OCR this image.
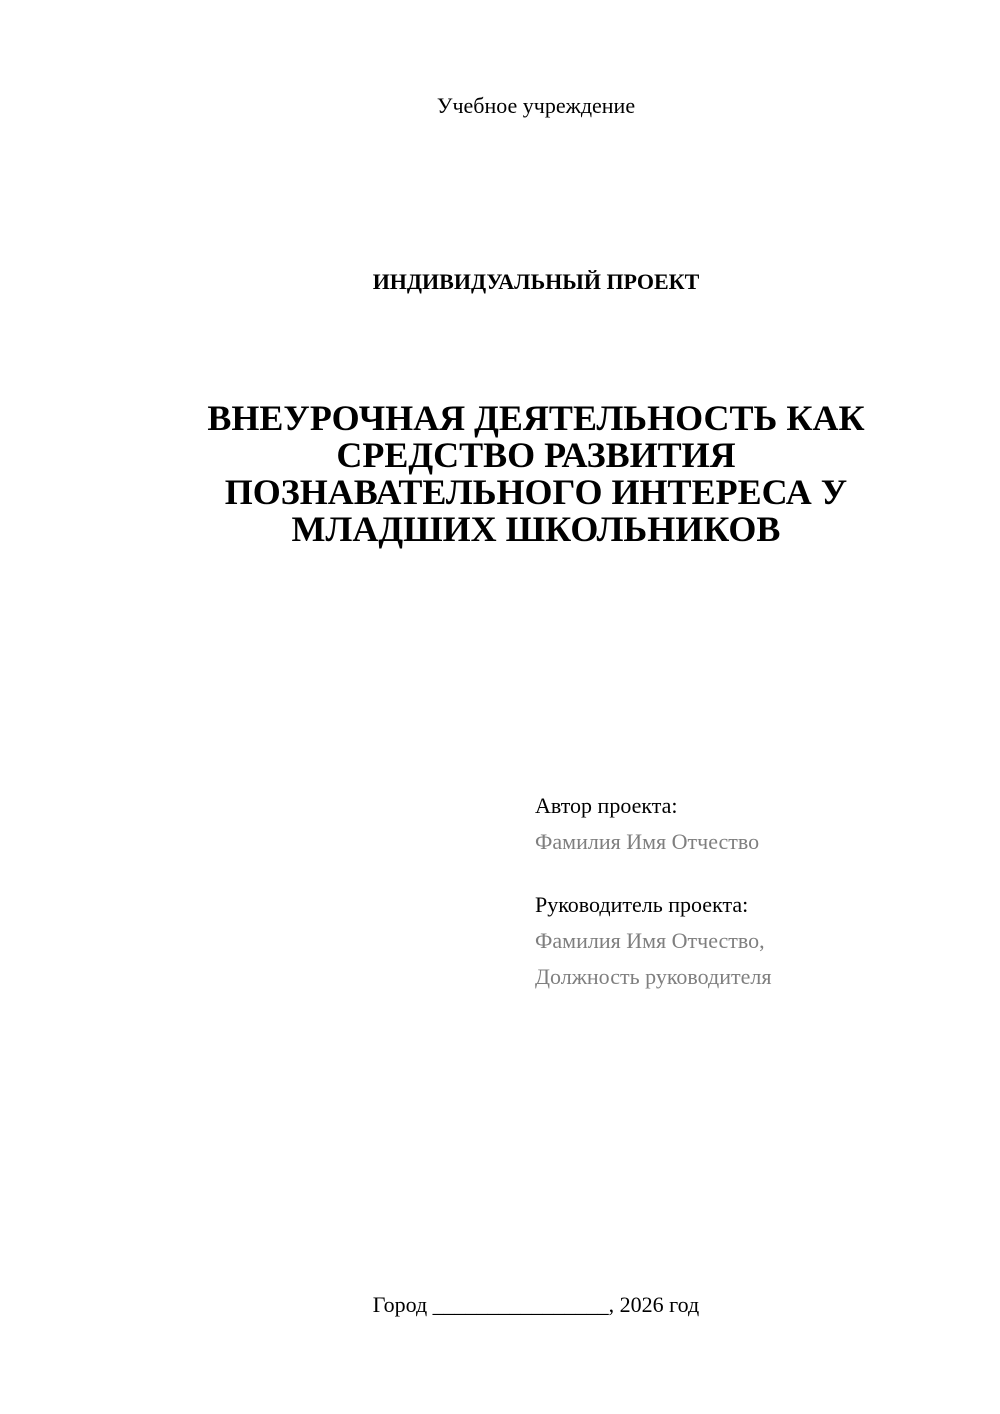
Учебное учреждение
ИНДИВИДУАЛЬНЫЙ ПРОЕКТ
ВНЕУРОЧНАЯ ДЕЯТЕЛЬНОСТЬ КАК
СРЕДСТВО РАЗВИТИЯ
ПОЗНАВАТЕЛЬНОГО ИНТЕРЕСА У
МЛАДШИХ ШКОЛЬНИКОВ
Автор проекта:
Фамилия Имя Отчество
Руководитель проекта:
Фамилия Имя Отчество,
Должность руководителя
Город ________________, 2026 год
